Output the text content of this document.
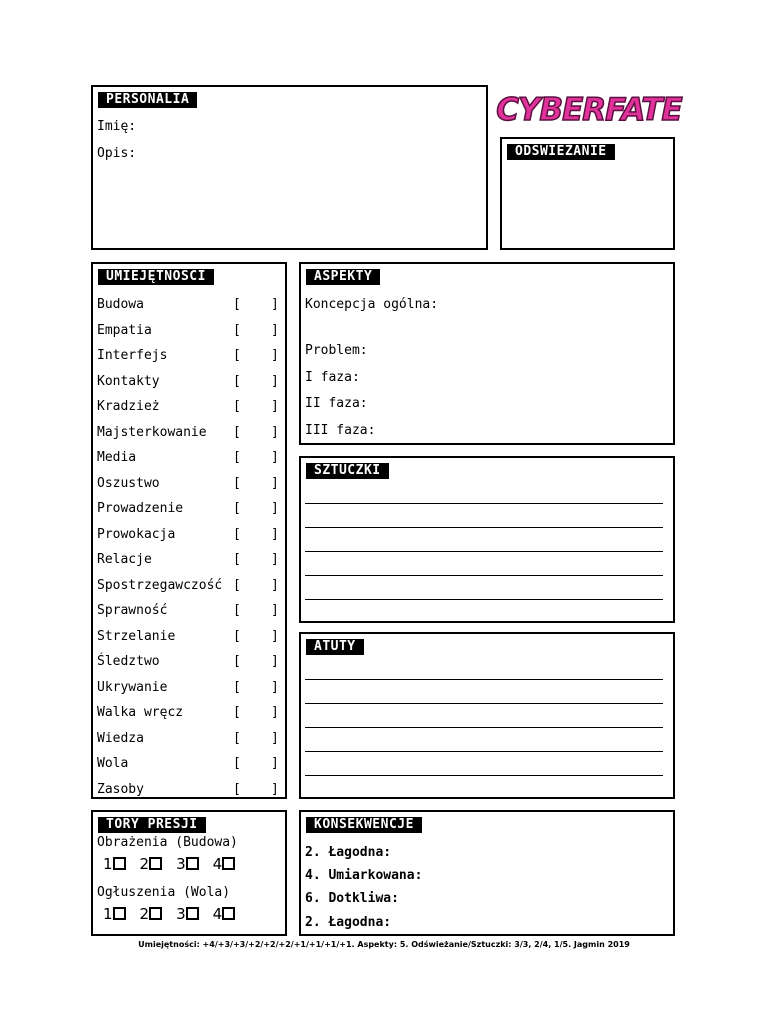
CYBERFATE
PERSONALIA
Imię:
Opis:	ODŚWIEŻANIE
UMIEJĘTNOŚCI
Budowa	[ ]
Empatia	[ ]
Interfejs	[ ]
Kontakty	[ ]
Kradzież	[ ]
Majsterkowanie [ ]
Media	[ ]
Oszustwo	[ ]
Prowadzenie	[ ]
Prowokacja	[ ]
Relacje	[ ]
Spostrzegawczość [ ]
Sprawność	[ ]
Strzelanie	[ ]
Śledztwo	[ ]
Ukrywanie	[ ]
Walka wręcz	[ ]
Wiedza	[ ]
Wola	[ ]
Zasoby	[ ]
ASPEKTY
Koncepcja ogólna:
Problem:
I faza:
II faza:
III faza:
SZTUCZKI
ATUTY
TORY PRESJI
Obrażenia (Budowa)
1 2 3 4
Ogłuszenia (Wola)
1 2 3 4
KONSEKWENCJE
2. Łagodna:
4. Umiarkowana:
6. Dotkliwa:
2. Łagodna:
Umiejętności: +4/+3/+3/+2/+2/+2/+1/+1/+1/+1. Aspekty: 5. Odświeżanie/Sztuczki: 3/3, 2/4, 1/5. Jagmin 2019
